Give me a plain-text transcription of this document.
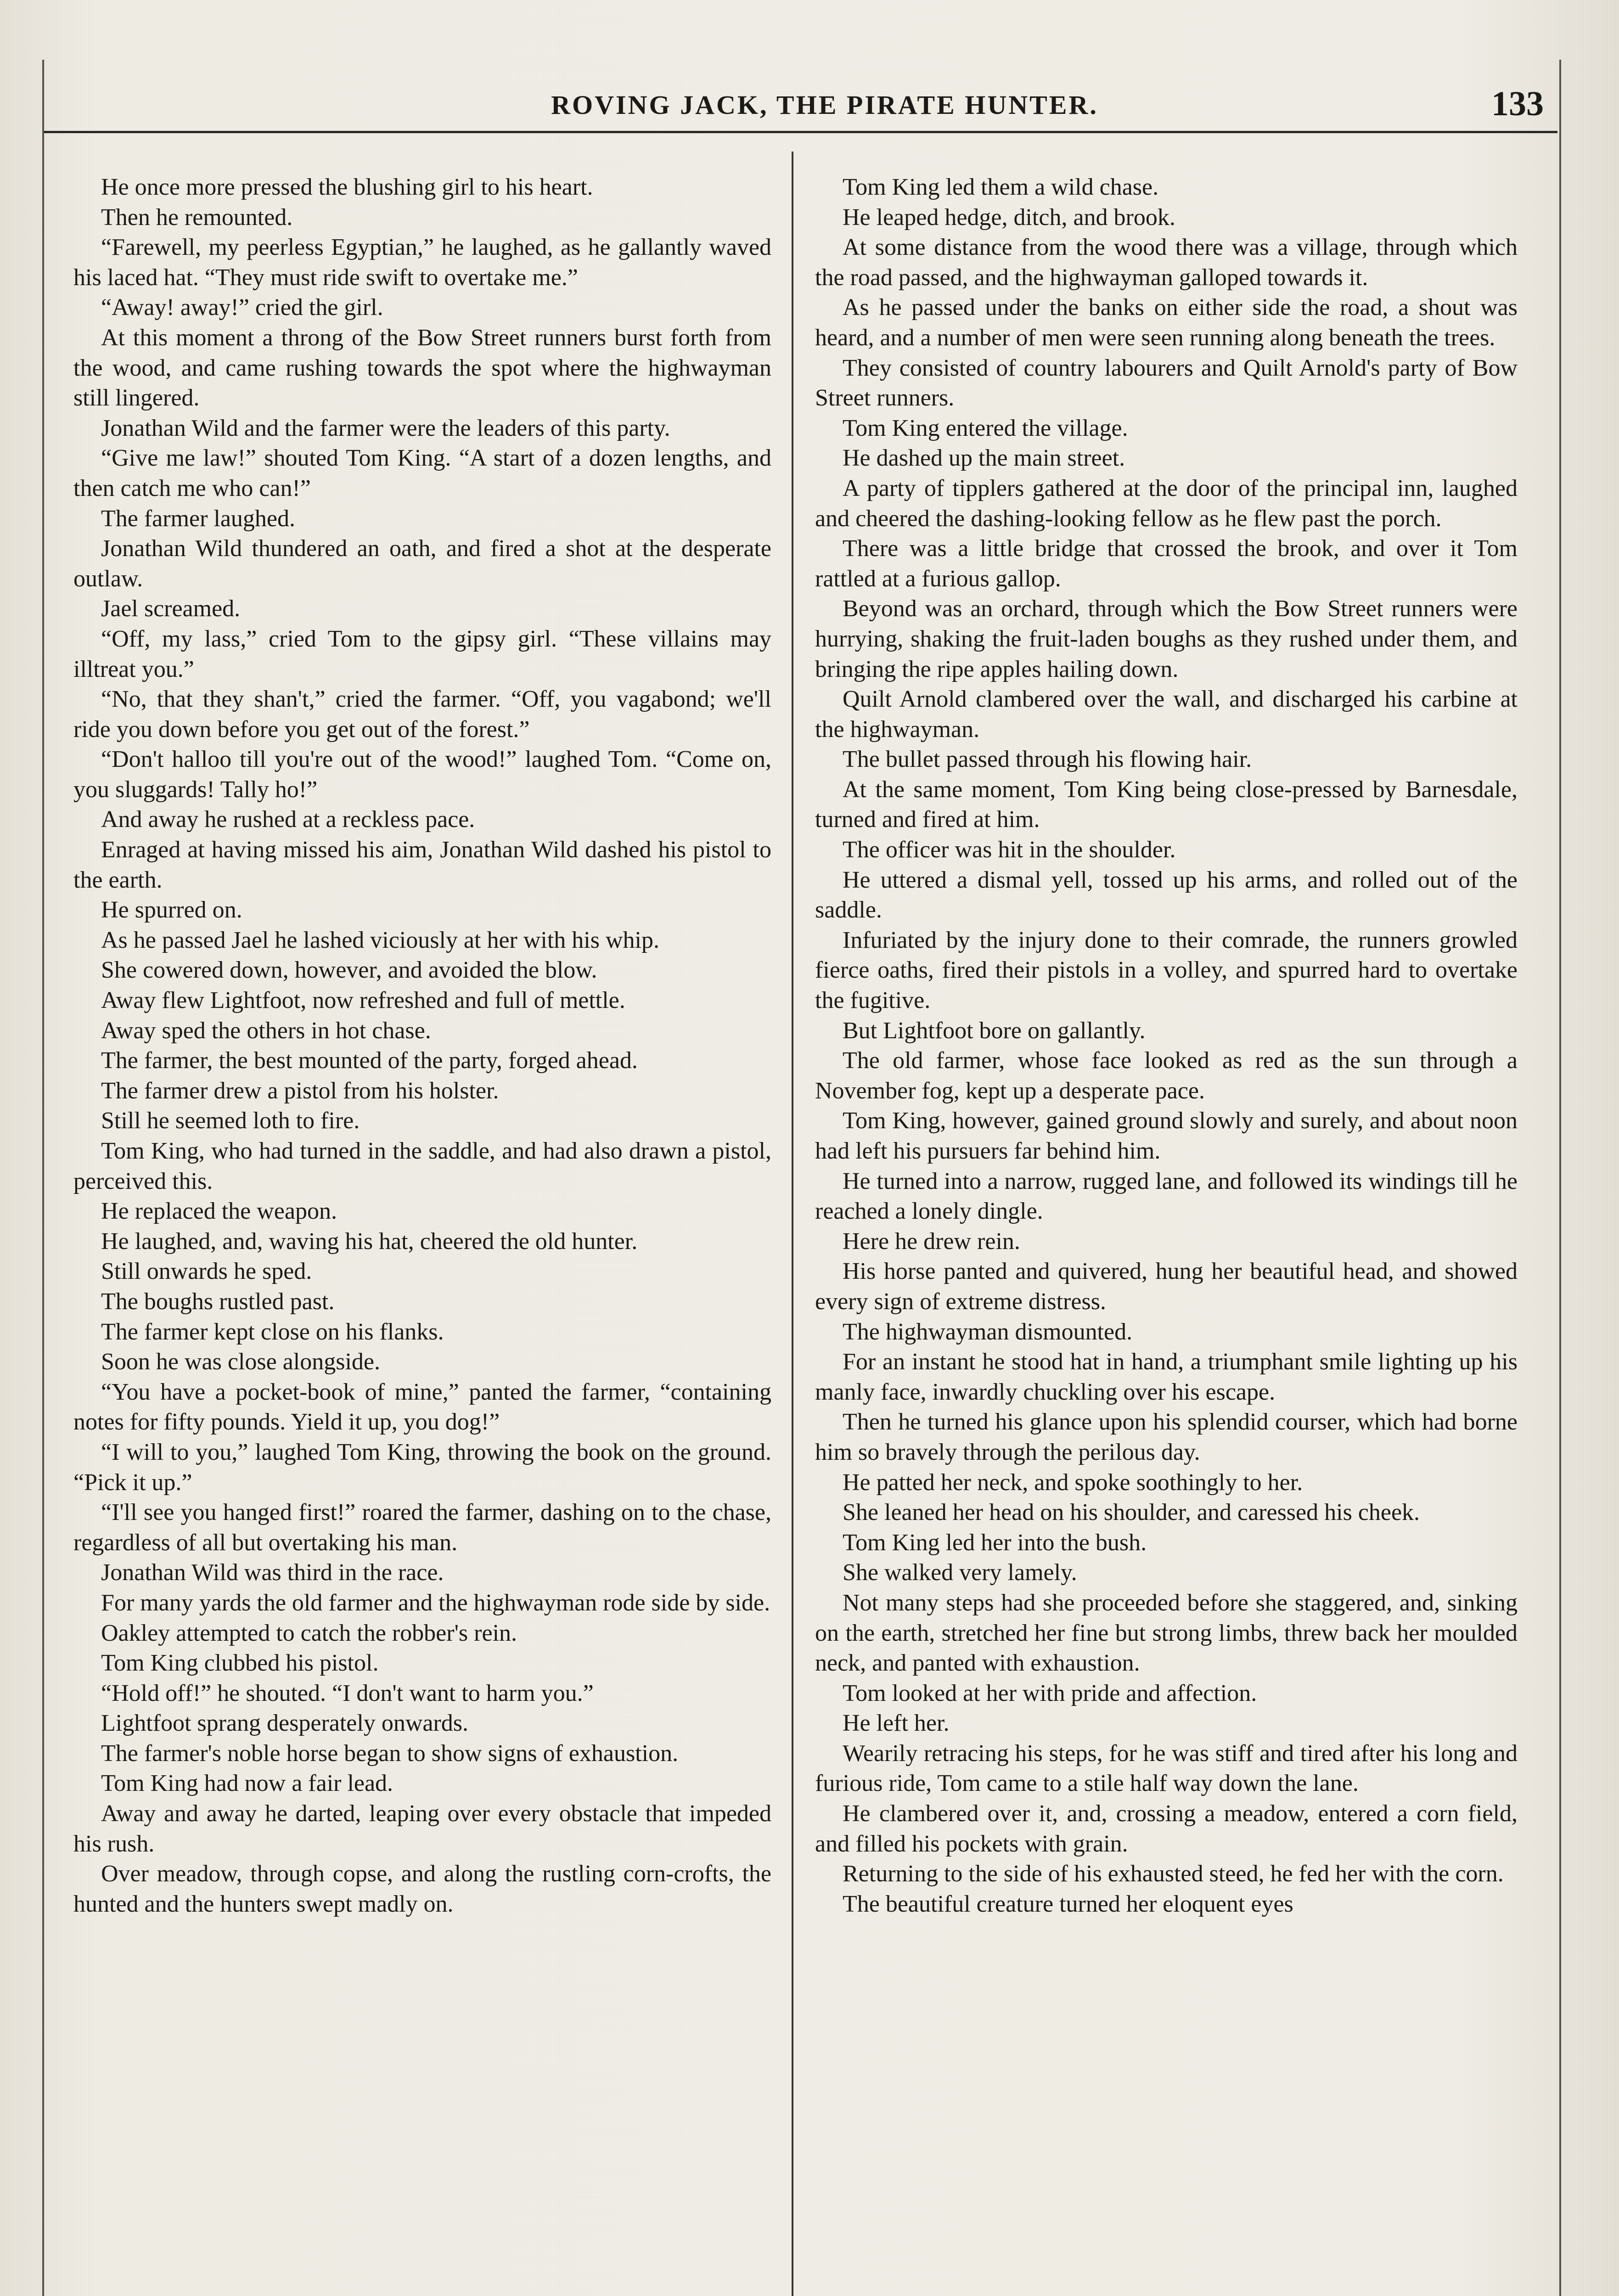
ROVING JACK, THE PIRATE HUNTER.	133

He once more pressed the blushing girl to his heart.

Then he remounted.

“Farewell, my peerless Egyptian,” he laughed, as he gallantly waved his laced hat. “They must ride swift to overtake me.”

“Away! away!” cried the girl.

At this moment a throng of the Bow Street runners burst forth from the wood, and came rushing towards the spot where the highwayman still lingered.

Jonathan Wild and the farmer were the leaders of this party.

“Give me law!” shouted Tom King. “A start of a dozen lengths, and then catch me who can!”

The farmer laughed.

Jonathan Wild thundered an oath, and fired a shot at the desperate outlaw.

Jael screamed.

“Off, my lass,” cried Tom to the gipsy girl. “These villains may illtreat you.”

“No, that they shan't,” cried the farmer. “Off, you vagabond; we'll ride you down before you get out of the forest.”

“Don't halloo till you're out of the wood!” laughed Tom. “Come on, you sluggards! Tally ho!”

And away he rushed at a reckless pace.

Enraged at having missed his aim, Jonathan Wild dashed his pistol to the earth.

He spurred on.

As he passed Jael he lashed viciously at her with his whip.

She cowered down, however, and avoided the blow.

Away flew Lightfoot, now refreshed and full of mettle.

Away sped the others in hot chase.

The farmer, the best mounted of the party, forged ahead.

The farmer drew a pistol from his holster.

Still he seemed loth to fire.

Tom King, who had turned in the saddle, and had also drawn a pistol, perceived this.

He replaced the weapon.

He laughed, and, waving his hat, cheered the old hunter.

Still onwards he sped.

The boughs rustled past.

The farmer kept close on his flanks.

Soon he was close alongside.

“You have a pocket-book of mine,” panted the farmer, “containing notes for fifty pounds. Yield it up, you dog!”

“I will to you,” laughed Tom King, throwing the book on the ground. “Pick it up.”

“I'll see you hanged first!” roared the farmer, dashing on to the chase, regardless of all but overtaking his man.

Jonathan Wild was third in the race.

For many yards the old farmer and the highwayman rode side by side.

Oakley attempted to catch the robber's rein.

Tom King clubbed his pistol.

“Hold off!” he shouted. “I don't want to harm you.”

Lightfoot sprang desperately onwards.

The farmer's noble horse began to show signs of exhaustion.

Tom King had now a fair lead.

Away and away he darted, leaping over every obstacle that impeded his rush.

Over meadow, through copse, and along the rustling corn-crofts, the hunted and the hunters swept madly on.

Tom King led them a wild chase.

He leaped hedge, ditch, and brook.

At some distance from the wood there was a village, through which the road passed, and the highwayman galloped towards it.

As he passed under the banks on either side the road, a shout was heard, and a number of men were seen running along beneath the trees.

They consisted of country labourers and Quilt Arnold's party of Bow Street runners.

Tom King entered the village.

He dashed up the main street.

A party of tipplers gathered at the door of the principal inn, laughed and cheered the dashing-looking fellow as he flew past the porch.

There was a little bridge that crossed the brook, and over it Tom rattled at a furious gallop.

Beyond was an orchard, through which the Bow Street runners were hurrying, shaking the fruit-laden boughs as they rushed under them, and bringing the ripe apples hailing down.

Quilt Arnold clambered over the wall, and discharged his carbine at the highwayman.

The bullet passed through his flowing hair.

At the same moment, Tom King being close-pressed by Barnesdale, turned and fired at him.

The officer was hit in the shoulder.

He uttered a dismal yell, tossed up his arms, and rolled out of the saddle.

Infuriated by the injury done to their comrade, the runners growled fierce oaths, fired their pistols in a volley, and spurred hard to overtake the fugitive.

But Lightfoot bore on gallantly.

The old farmer, whose face looked as red as the sun through a November fog, kept up a desperate pace.

Tom King, however, gained ground slowly and surely, and about noon had left his pursuers far behind him.

He turned into a narrow, rugged lane, and followed its windings till he reached a lonely dingle.

Here he drew rein.

His horse panted and quivered, hung her beautiful head, and showed every sign of extreme distress.

The highwayman dismounted.

For an instant he stood hat in hand, a triumphant smile lighting up his manly face, inwardly chuckling over his escape.

Then he turned his glance upon his splendid courser, which had borne him so bravely through the perilous day.

He patted her neck, and spoke soothingly to her.

She leaned her head on his shoulder, and caressed his cheek.

Tom King led her into the bush.

She walked very lamely.

Not many steps had she proceeded before she staggered, and, sinking on the earth, stretched her fine but strong limbs, threw back her moulded neck, and panted with exhaustion.

Tom looked at her with pride and affection.

He left her.

Wearily retracing his steps, for he was stiff and tired after his long and furious ride, Tom came to a stile half way down the lane.

He clambered over it, and, crossing a meadow, entered a corn field, and filled his pockets with grain.

Returning to the side of his exhausted steed, he fed her with the corn.

The beautiful creature turned her eloquent eyes
